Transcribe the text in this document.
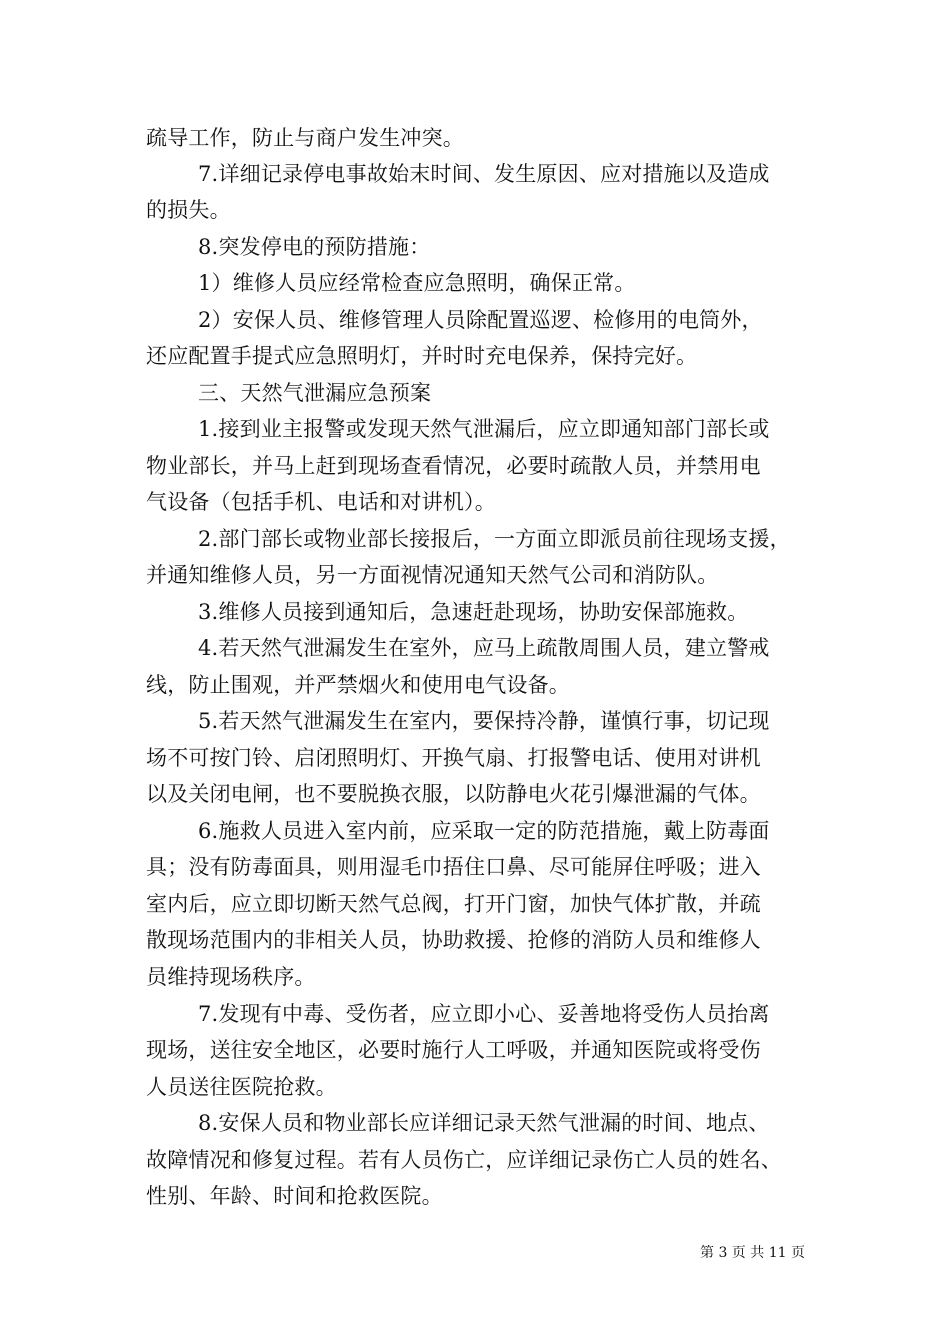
疏导工作，防止与商户发生冲突。
7.详细记录停电事故始末时间、发生原因、应对措施以及造成
的损失。
8.突发停电的预防措施：
1）维修人员应经常检查应急照明，确保正常。
2）安保人员、维修管理人员除配置巡逻、检修用的电筒外，
还应配置手提式应急照明灯，并时时充电保养，保持完好。
三、天然气泄漏应急预案
1.接到业主报警或发现天然气泄漏后，应立即通知部门部长或
物业部长，并马上赶到现场查看情况，必要时疏散人员，并禁用电
气设备（包括手机、电话和对讲机）。
2.部门部长或物业部长接报后，一方面立即派员前往现场支援，
并通知维修人员，另一方面视情况通知天然气公司和消防队。
3.维修人员接到通知后，急速赶赴现场，协助安保部施救。
4.若天然气泄漏发生在室外，应马上疏散周围人员，建立警戒
线，防止围观，并严禁烟火和使用电气设备。
5.若天然气泄漏发生在室内，要保持冷静，谨慎行事，切记现
场不可按门铃、启闭照明灯、开换气扇、打报警电话、使用对讲机
以及关闭电闸，也不要脱换衣服，以防静电火花引爆泄漏的气体。
6.施救人员进入室内前，应采取一定的防范措施，戴上防毒面
具；没有防毒面具，则用湿毛巾捂住口鼻、尽可能屏住呼吸；进入
室内后，应立即切断天然气总阀，打开门窗，加快气体扩散，并疏
散现场范围内的非相关人员，协助救援、抢修的消防人员和维修人
员维持现场秩序。
7.发现有中毒、受伤者，应立即小心、妥善地将受伤人员抬离
现场，送往安全地区，必要时施行人工呼吸，并通知医院或将受伤
人员送往医院抢救。
8.安保人员和物业部长应详细记录天然气泄漏的时间、地点、
故障情况和修复过程。若有人员伤亡，应详细记录伤亡人员的姓名、
性别、年龄、时间和抢救医院。
第 3 页 共 11 页
